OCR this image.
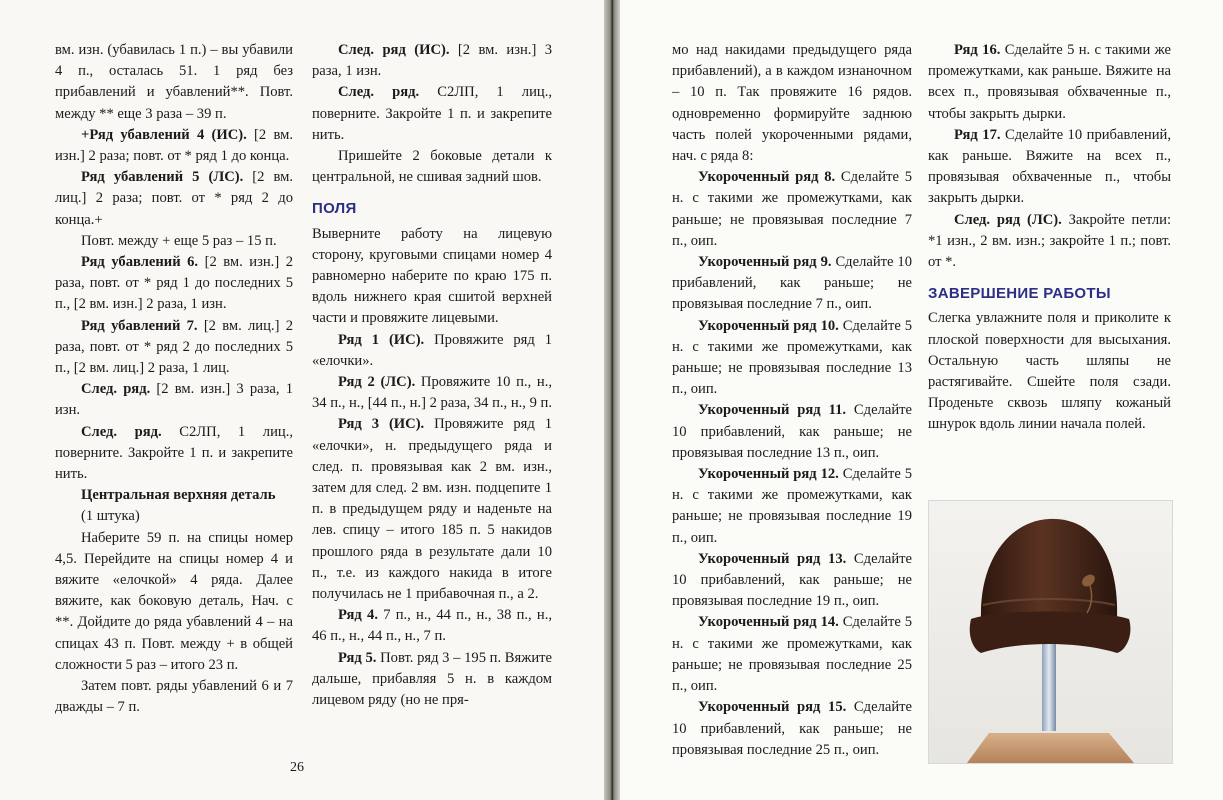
вм. изн. (убавилась 1 п.) – вы убавили 4 п., осталась 51. 1 ряд без прибавлений и убавлений**. Повт. между ** еще 3 раза – 39 п.

+Ряд убавлений 4 (ИС). [2 вм. изн.] 2 раза; повт. от * ряд 1 до конца.

Ряд убавлений 5 (ЛС). [2 вм. лиц.] 2 раза; повт. от * ряд 2 до конца.+

Повт. между + еще 5 раз – 15 п.

Ряд убавлений 6. [2 вм. изн.] 2 раза, повт. от * ряд 1 до последних 5 п., [2 вм. изн.] 2 раза, 1 изн.

Ряд убавлений 7. [2 вм. лиц.] 2 раза, повт. от * ряд 2 до последних 5 п., [2 вм. лиц.] 2 раза, 1 лиц.

След. ряд. [2 вм. изн.] 3 раза, 1 изн.

След. ряд. С2ЛП, 1 лиц., поверните. Закройте 1 п. и закрепите нить.

Центральная верхняя деталь

(1 штука)

Наберите 59 п. на спицы номер 4,5. Перейдите на спицы номер 4 и вяжите «елочкой» 4 ряда. Далее вяжите, как боковую деталь, Нач. с **. Дойдите до ряда убавлений 4 – на спицах 43 п. Повт. между + в общей сложности 5 раз – итого 23 п.

Затем повт. ряды убавлений 6 и 7 дважды – 7 п.

След. ряд (ИС). [2 вм. изн.] 3 раза, 1 изн.

След. ряд. С2ЛП, 1 лиц., поверните. Закройте 1 п. и закрепите нить.

Пришейте 2 боковые детали к центральной, не сшивая задний шов.

ПОЛЯ

Выверните работу на лицевую сторону, круговыми спицами номер 4 равномерно наберите по краю 175 п. вдоль нижнего края сшитой верхней части и провяжите лицевыми.

Ряд 1 (ИС). Провяжите ряд 1 «елочки».

Ряд 2 (ЛС). Провяжите 10 п., н., 34 п., н., [44 п., н.] 2 раза, 34 п., н., 9 п.

Ряд 3 (ИС). Провяжите ряд 1 «елочки», н. предыдущего ряда и след. п. провязывая как 2 вм. изн., затем для след. 2 вм. изн. подцепите 1 п. в предыдущем ряду и наденьте на лев. спицу – итого 185 п. 5 накидов прошлого ряда в результате дали 10 п., т.е. из каждого накида в итоге получилась не 1 прибавочная п., а 2.

Ряд 4. 7 п., н., 44 п., н., 38 п., н., 46 п., н., 44 п., н., 7 п.

Ряд 5. Повт. ряд 3 – 195 п. Вяжите дальше, прибавляя 5 н. в каждом лицевом ряду (но не пря-

26

мо над накидами предыдущего ряда прибавлений), а в каждом изнаночном – 10 п. Так провяжите 16 рядов. одновременно формируйте заднюю часть полей укороченными рядами, нач. с ряда 8:

Укороченный ряд 8. Сделайте 5 н. с такими же промежутками, как раньше; не провязывая последние 7 п., оип.

Укороченный ряд 9. Сделайте 10 прибавлений, как раньше; не провязывая последние 7 п., оип.

Укороченный ряд 10. Сделайте 5 н. с такими же промежутками, как раньше; не провязывая последние 13 п., оип.

Укороченный ряд 11. Сделайте 10 прибавлений, как раньше; не провязывая последние 13 п., оип.

Укороченный ряд 12. Сделайте 5 н. с такими же промежутками, как раньше; не провязывая последние 19 п., оип.

Укороченный ряд 13. Сделайте 10 прибавлений, как раньше; не провязывая последние 19 п., оип.

Укороченный ряд 14. Сделайте 5 н. с такими же промежутками, как раньше; не провязывая последние 25 п., оип.

Укороченный ряд 15. Сделайте 10 прибавлений, как раньше; не провязывая последние 25 п., оип.

Ряд 16. Сделайте 5 н. с такими же промежутками, как раньше. Вяжите на всех п., провязывая обхваченные п., чтобы закрыть дырки.

Ряд 17. Сделайте 10 прибавлений, как раньше. Вяжите на всех п., провязывая обхваченные п., чтобы закрыть дырки.

След. ряд (ЛС). Закройте петли: *1 изн., 2 вм. изн.; закройте 1 п.; повт. от *.

ЗАВЕРШЕНИЕ РАБОТЫ

Слегка увлажните поля и приколите к плоской поверхности для высыхания. Остальную часть шляпы не растягивайте. Сшейте поля сзади. Проденьте сквозь шляпу кожаный шнурок вдоль линии начала полей.
